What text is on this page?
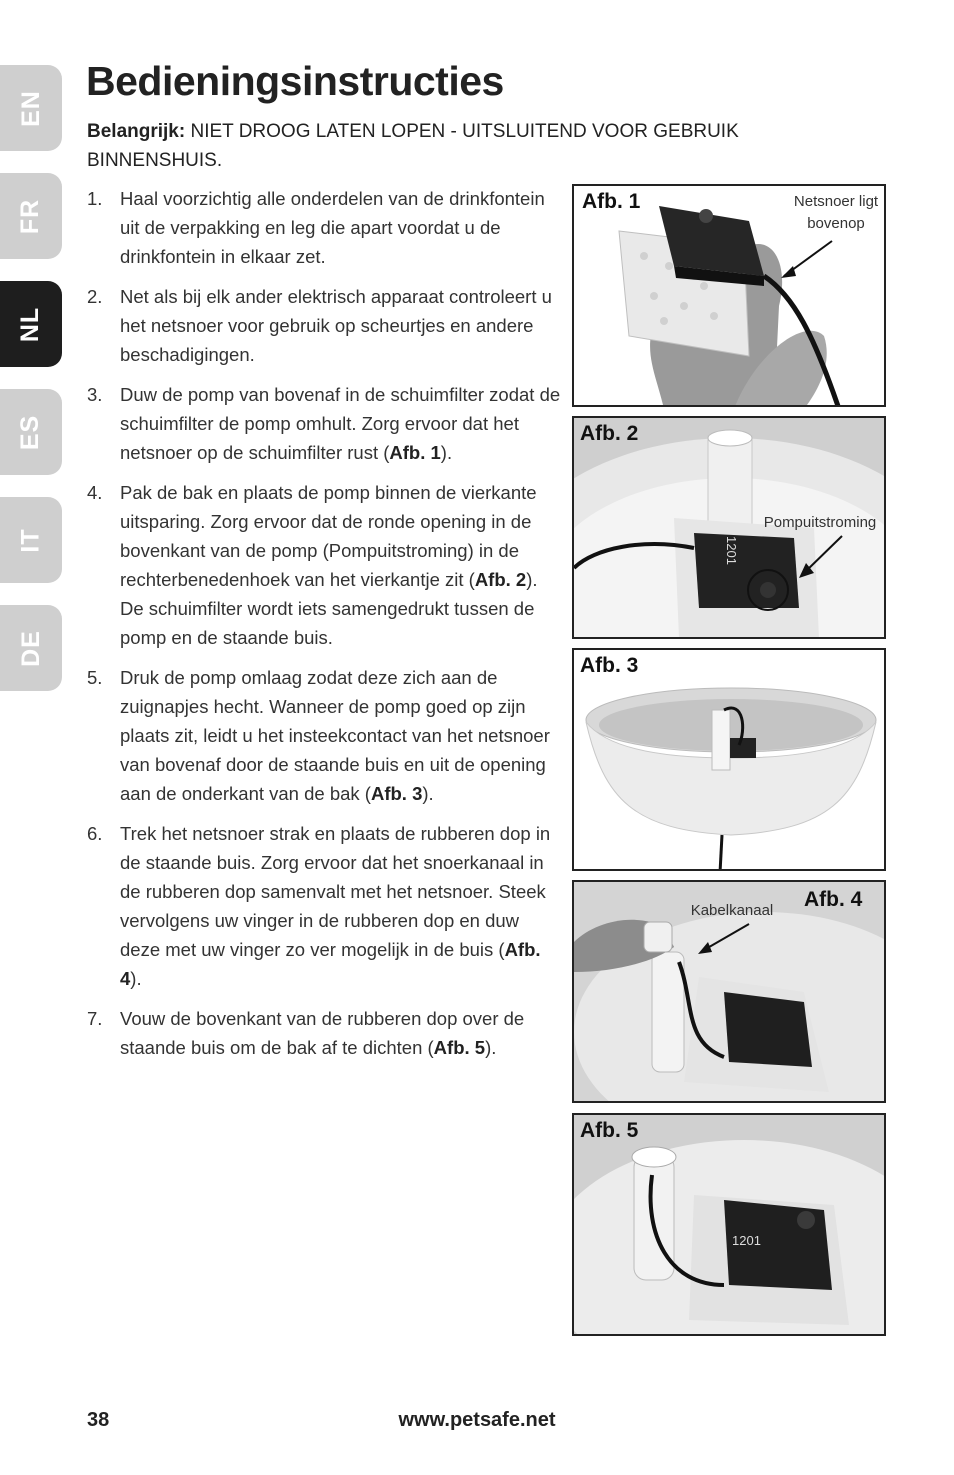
EN
FR
NL
ES
IT
DE
Bedieningsinstructies

Belangrijk: NIET DROOG LATEN LOPEN - UITSLUITEND VOOR GEBRUIK BINNENSHUIS.

1. Haal voorzichtig alle onderdelen van de drinkfontein uit de verpakking en leg die apart voordat u de drinkfontein in elkaar zet.
2. Net als bij elk ander elektrisch apparaat controleert u het netsnoer voor gebruik op scheurtjes en andere beschadigingen.
3. Duw de pomp van bovenaf in de schuimfilter zodat de schuimfilter de pomp omhult. Zorg ervoor dat het netsnoer op de schuimfilter rust (Afb. 1).
4. Pak de bak en plaats de pomp binnen de vierkante uitsparing. Zorg ervoor dat de ronde opening in de bovenkant van de pomp (Pompuitstroming) in de rechterbenedenhoek van het vierkantje zit (Afb. 2). De schuimfilter wordt iets samengedrukt tussen de pomp en de staande buis.
5. Druk de pomp omlaag zodat deze zich aan de zuignapjes hecht. Wanneer de pomp goed op zijn plaats zit, leidt u het insteekcontact van het netsnoer van bovenaf door de staande buis en uit de opening aan de onderkant van de bak (Afb. 3).
6. Trek het netsnoer strak en plaats de rubberen dop in de staande buis. Zorg ervoor dat het snoerkanaal in de rubberen dop samenvalt met het netsnoer. Steek vervolgens uw vinger in de rubberen dop en duw deze met uw vinger zo ver mogelijk in de buis (Afb. 4).
7. Vouw de bovenkant van de rubberen dop over de staande buis om de bak af te dichten (Afb. 5).
Afb. 1	Netsnoer ligt bovenop
Afb. 2
Pompuitstroming
1201
Afb. 3
Afb. 4
Kabelkanaal
Afb. 5
1201
38	www.petsafe.net
